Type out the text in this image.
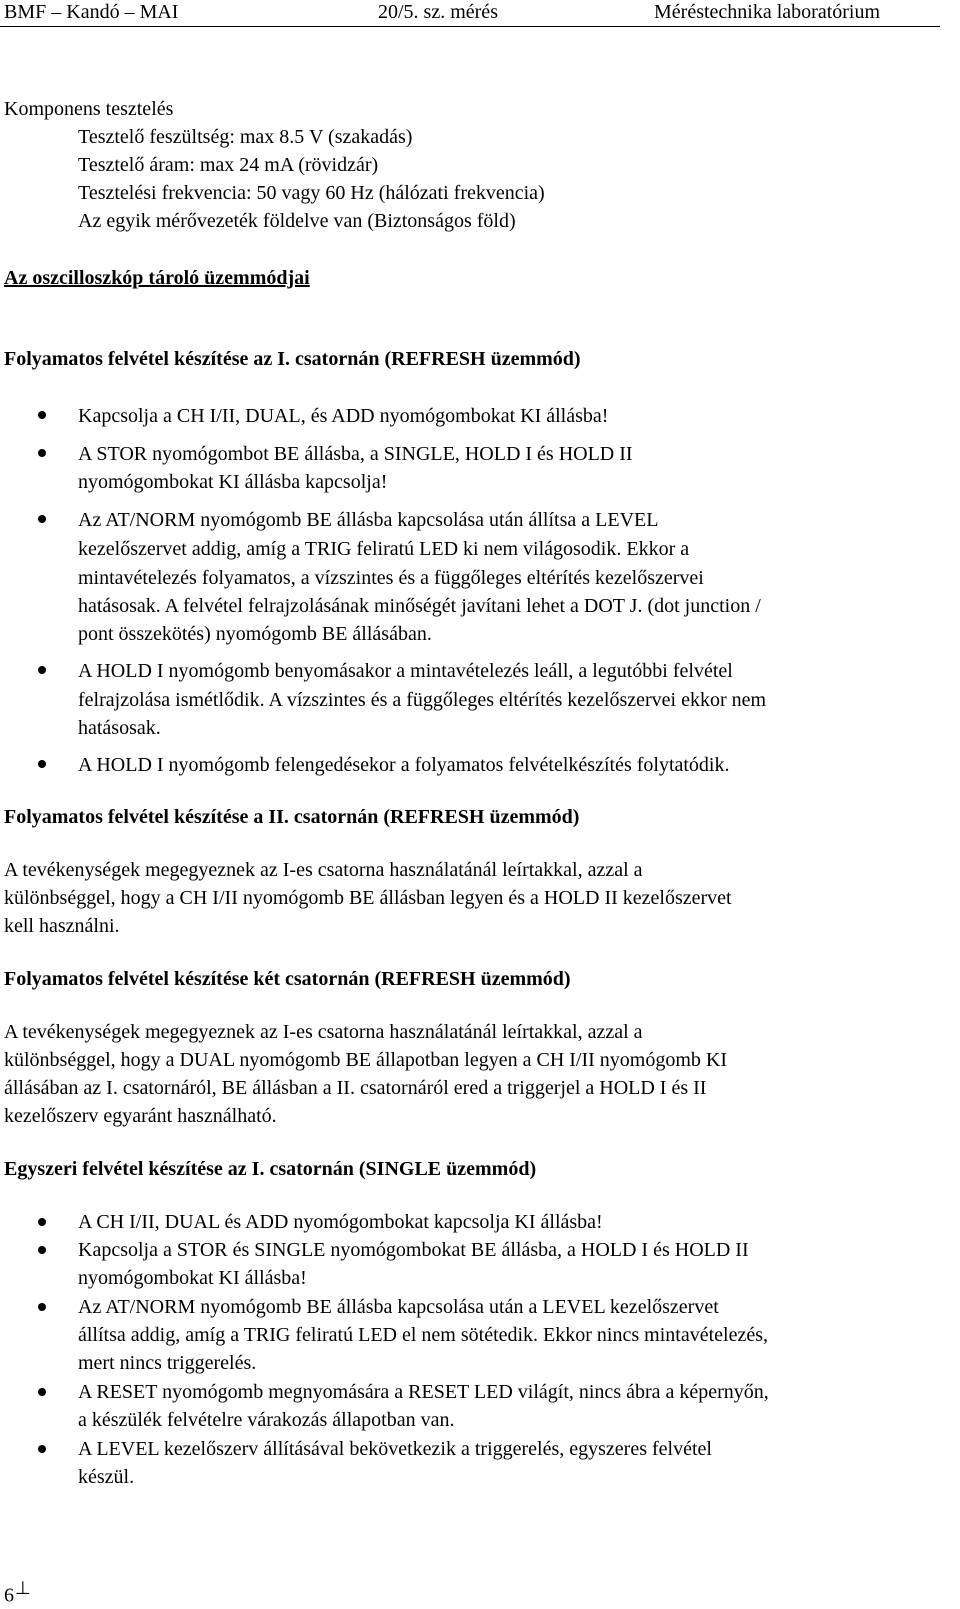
BMF – Kandó – MAI	20/5. sz. mérés	Méréstechnika laboratórium
Komponens tesztelés
Tesztelő feszültség: max 8.5 V (szakadás)
Tesztelő áram: max 24 mA (rövidzár)
Tesztelési frekvencia: 50 vagy 60 Hz (hálózati frekvencia)
Az egyik mérővezeték földelve van (Biztonságos föld)
Az oszcilloszkóp tároló üzemmódjai
Folyamatos felvétel készítése az I. csatornán (REFRESH üzemmód)
Kapcsolja a CH I/II, DUAL, és ADD nyomógombokat KI állásba!
A STOR nyomógombot BE állásba, a SINGLE, HOLD I és HOLD II
nyomógombokat KI állásba kapcsolja!
Az AT/NORM nyomógomb BE állásba kapcsolása után állítsa a LEVEL
kezelőszervet addig, amíg a TRIG feliratú LED ki nem világosodik. Ekkor a
mintavételezés folyamatos, a vízszintes és a függőleges eltérítés kezelőszervei
hatásosak. A felvétel felrajzolásának minőségét javítani lehet a DOT J. (dot junction /
pont összekötés) nyomógomb BE állásában.
A HOLD I nyomógomb benyomásakor a mintavételezés leáll, a legutóbbi felvétel
felrajzolása ismétlődik. A vízszintes és a függőleges eltérítés kezelőszervei ekkor nem
hatásosak.
A HOLD I nyomógomb felengedésekor a folyamatos felvételkészítés folytatódik.
Folyamatos felvétel készítése a II. csatornán (REFRESH üzemmód)
A tevékenységek megegyeznek az I-es csatorna használatánál leírtakkal, azzal a
különbséggel, hogy a CH I/II nyomógomb BE állásban legyen és a HOLD II kezelőszervet
kell használni.
Folyamatos felvétel készítése két csatornán (REFRESH üzemmód)
A tevékenységek megegyeznek az I-es csatorna használatánál leírtakkal, azzal a
különbséggel, hogy a DUAL nyomógomb BE állapotban legyen a CH I/II nyomógomb KI
állásában az I. csatornáról, BE állásban a II. csatornáról ered a triggerjel a HOLD I és II
kezelőszerv egyaránt használható.
Egyszeri felvétel készítése az I. csatornán (SINGLE üzemmód)
A CH I/II, DUAL és ADD nyomógombokat kapcsolja KI állásba!
Kapcsolja a STOR és SINGLE nyomógombokat BE állásba, a HOLD I és HOLD II
nyomógombokat KI állásba!
Az AT/NORM nyomógomb BE állásba kapcsolása után a LEVEL kezelőszervet
állítsa addig, amíg a TRIG feliratú LED el nem sötétedik. Ekkor nincs mintavételezés,
mert nincs triggerelés.
A RESET nyomógomb megnyomására a RESET LED világít, nincs ábra a képernyőn,
a készülék felvételre várakozás állapotban van.
A LEVEL kezelőszerv állításával bekövetkezik a triggerelés, egyszeres felvétel
készül.
6⊥
